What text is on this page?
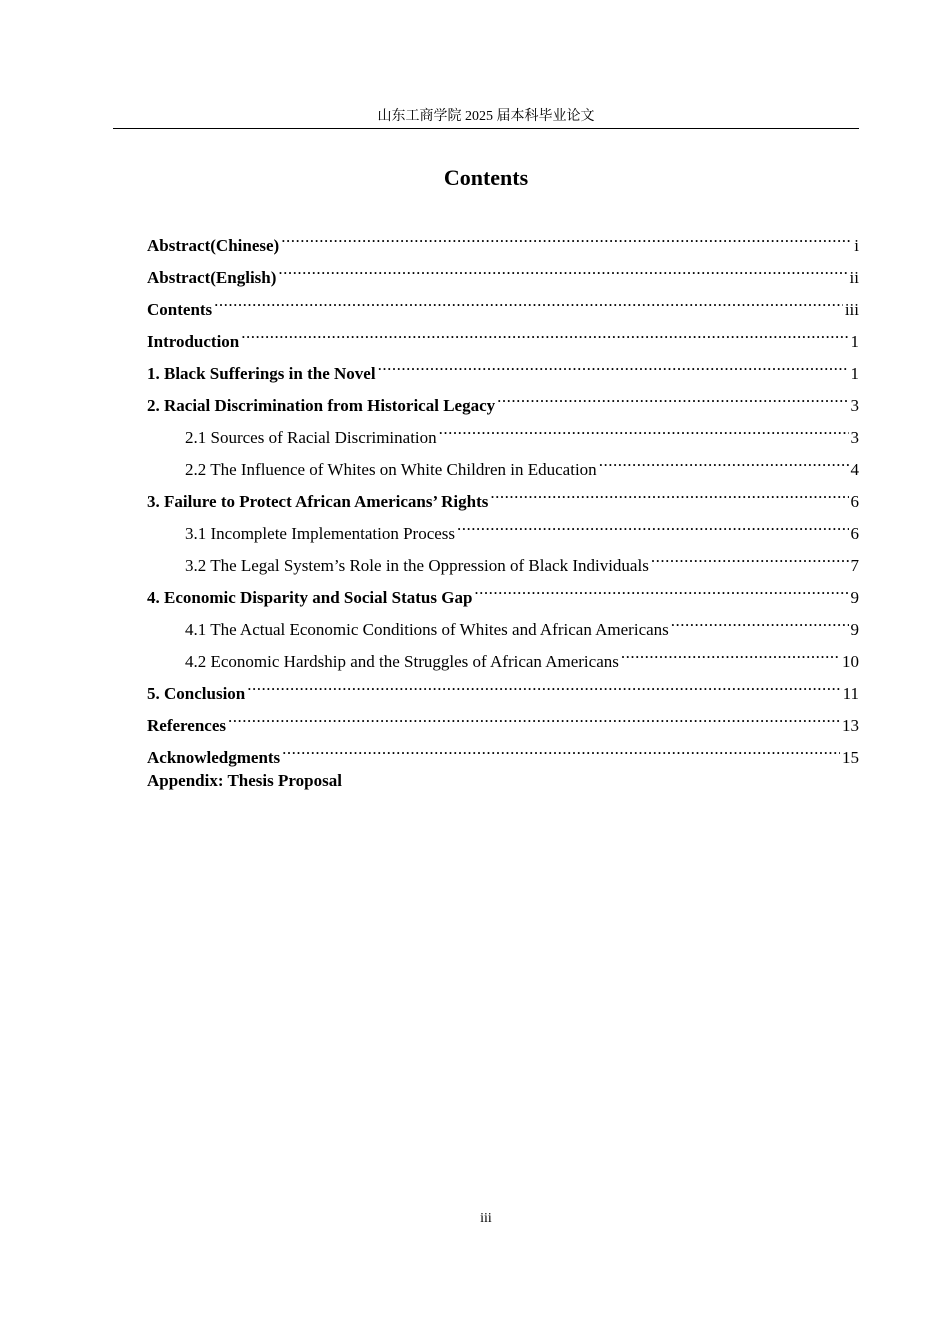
山东工商学院 2025 届本科毕业论文
Contents
Abstract(Chinese) .....	i
Abstract(English) .....	ii
Contents .....	iii
Introduction .....	1
1. Black Sufferings in the Novel .....	1
2. Racial Discrimination from Historical Legacy .....	3
2.1 Sources of Racial Discrimination .....	3
2.2 The Influence of Whites on White Children in Education .....	4
3. Failure to Protect African Americans’ Rights .....	6
3.1 Incomplete Implementation Process .....	6
3.2 The Legal System’s Role in the Oppression of Black Individuals .....	7
4. Economic Disparity and Social Status Gap .....	9
4.1 The Actual Economic Conditions of Whites and African Americans .....	9
4.2 Economic Hardship and the Struggles of African Americans .....	10
5. Conclusion .....	11
References .....	13
Acknowledgments .....	15
Appendix: Thesis Proposal
iii
